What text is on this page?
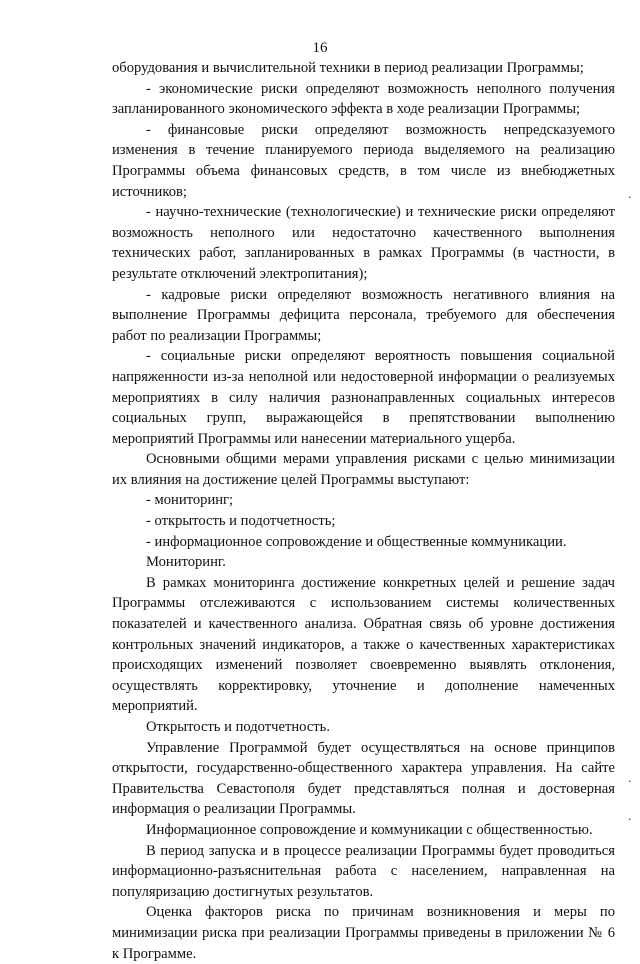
16

оборудования и вычислительной техники в период реализации Программы;

- экономические риски определяют возможность неполного получения запланированного экономического эффекта в ходе реализации Программы;

- финансовые риски определяют возможность непредсказуемого изменения в течение планируемого периода выделяемого на реализацию Программы объема финансовых средств, в том числе из внебюджетных источников;

- научно-технические (технологические) и технические риски определяют возможность неполного или недостаточно качественного выполнения технических работ, запланированных в рамках Программы (в частности, в результате отключений электропитания);

- кадровые риски определяют возможность негативного влияния на выполнение Программы дефицита персонала, требуемого для обеспечения работ по реализации Программы;

- социальные риски определяют вероятность повышения социальной напряженности из-за неполной или недостоверной информации о реализуемых мероприятиях в силу наличия разнонаправленных социальных интересов социальных групп, выражающейся в препятствовании выполнению мероприятий Программы или нанесении материального ущерба.

Основными общими мерами управления рисками с целью минимизации их влияния на достижение целей Программы выступают:

- мониторинг;

- открытость и подотчетность;

- информационное сопровождение и общественные коммуникации.

Мониторинг.

В рамках мониторинга достижение конкретных целей и решение задач Программы отслеживаются с использованием системы количественных показателей и качественного анализа. Обратная связь об уровне достижения контрольных значений индикаторов, а также о качественных характеристиках происходящих изменений позволяет своевременно выявлять отклонения, осуществлять корректировку, уточнение и дополнение намеченных мероприятий.

Открытость и подотчетность.

Управление Программой будет осуществляться на основе принципов открытости, государственно-общественного характера управления. На сайте Правительства Севастополя будет представляться полная и достоверная информация о реализации Программы.

Информационное сопровождение и коммуникации с общественностью.

В период запуска и в процессе реализации Программы будет проводиться информационно-разъяснительная работа с населением, направленная на популяризацию достигнутых результатов.

Оценка факторов риска по причинам возникновения и меры по минимизации риска при реализации Программы приведены в приложении № 6 к Программе.

·
·
·
